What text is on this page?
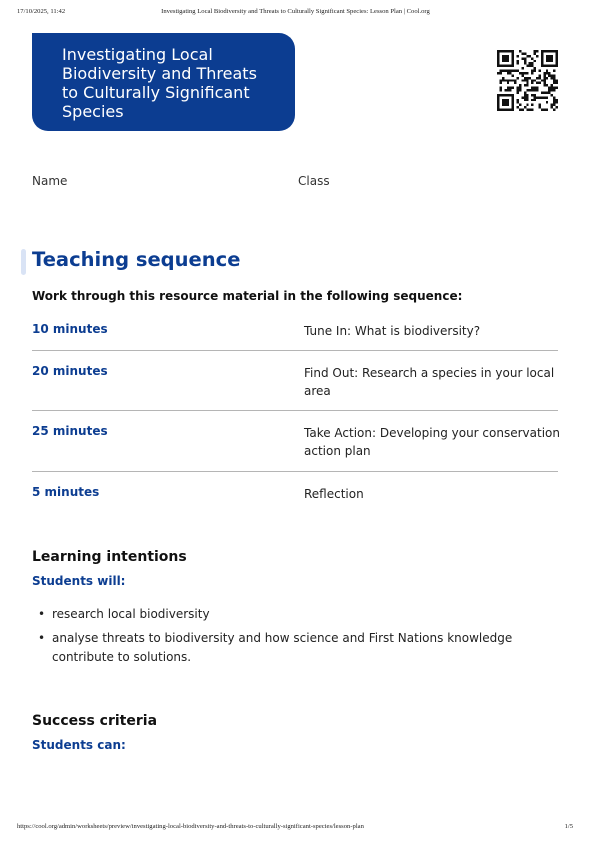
17/10/2025, 11:42	Investigating Local Biodiversity and Threats to Culturally Significant Species: Lesson Plan | Cool.org
Investigating Local Biodiversity and Threats to Culturally Significant Species
Name	Class
Teaching sequence
Work through this resource material in the following sequence:
10 minutes	Tune In: What is biodiversity?
20 minutes	Find Out: Research a species in your local area
25 minutes	Take Action: Developing your conservation action plan
5 minutes	Reflection
Learning intentions
Students will:
• research local biodiversity
• analyse threats to biodiversity and how science and First Nations knowledge contribute to solutions.
Success criteria
Students can:
https://cool.org/admin/worksheets/preview/investigating-local-biodiversity-and-threats-to-culturally-significant-species/lesson-plan	1/5
